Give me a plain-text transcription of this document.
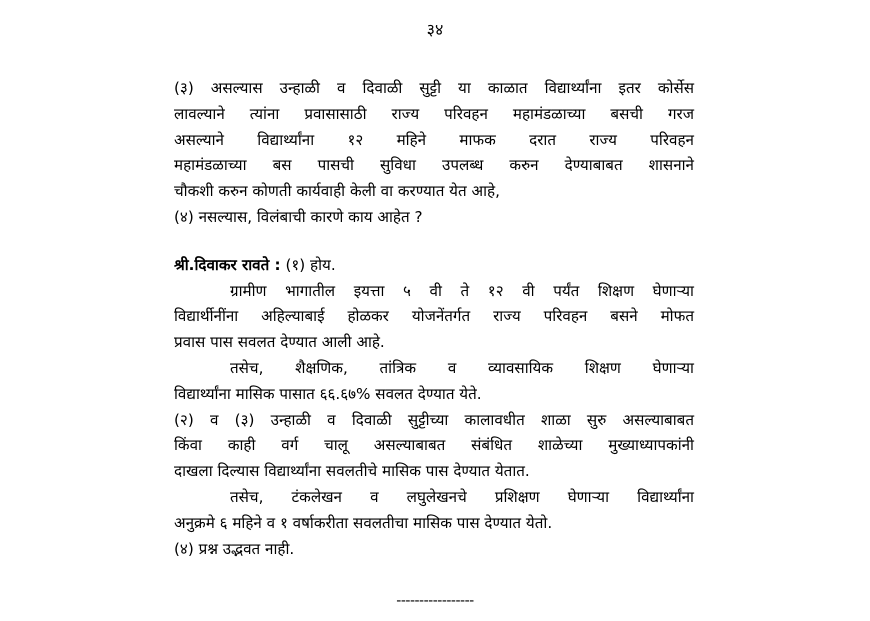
३४
(३) असल्यास उन्हाळी व दिवाळी सुट्टी या काळात विद्यार्थ्यांना इतर कोर्सेस
लावल्याने त्यांना प्रवासासाठी राज्य परिवहन महामंडळाच्या बसची गरज
असल्याने विद्यार्थ्यांना १२ महिने माफक दरात राज्य परिवहन
महामंडळाच्या बस पासची सुविधा उपलब्ध करुन देण्याबाबत शासनाने
चौकशी करुन कोणती कार्यवाही केली वा करण्यात येत आहे,
(४) नसल्यास, विलंबाची कारणे काय आहेत ?
श्री.दिवाकर रावते : (१) होय.
ग्रामीण भागातील इयत्ता ५ वी ते १२ वी पर्यंत शिक्षण घेणाऱ्या
विद्यार्थीनींना अहिल्याबाई होळकर योजनेंतर्गत राज्य परिवहन बसने मोफत
प्रवास पास सवलत देण्यात आली आहे.
तसेच, शैक्षणिक, तांत्रिक व व्यावसायिक शिक्षण घेणाऱ्या
विद्यार्थ्यांना मासिक पासात ६६.६७% सवलत देण्यात येते.
(२) व (३) उन्हाळी व दिवाळी सुट्टीच्या कालावधीत शाळा सुरु असल्याबाबत
किंवा काही वर्ग चालू असल्याबाबत संबंधित शाळेच्या मुख्याध्यापकांनी
दाखला दिल्यास विद्यार्थ्यांना सवलतीचे मासिक पास देण्यात येतात.
तसेच, टंकलेखन व लघुलेखनचे प्रशिक्षण घेणाऱ्या विद्यार्थ्यांना
अनुक्रमे ६ महिने व १ वर्षाकरीता सवलतीचा मासिक पास देण्यात येतो.
(४) प्रश्न उद्भवत नाही.
-----------------
